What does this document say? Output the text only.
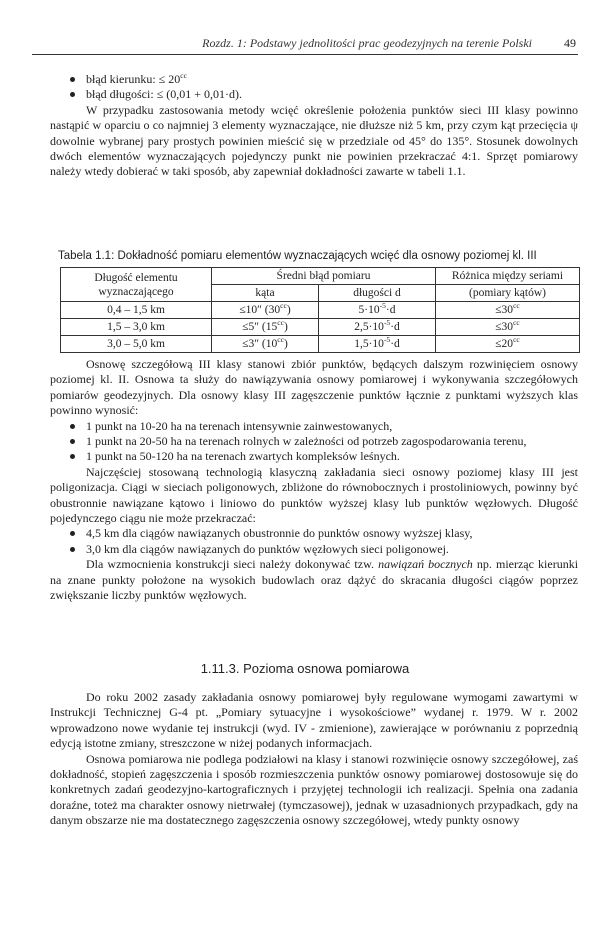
Rozdz. 1: Podstawy jednolitości prac geodezyjnych na terenie Polski	49
błąd kierunku: ≤ $20^{cc}$
błąd długości: ≤ (0,01 + 0,01·d).

W przypadku zastosowania metody wcięć określenie położenia punktów sieci III klasy powinno nastąpić w oparciu o co najmniej 3 elementy wyznaczające, nie dłuższe niż 5 km, przy czym kąt przecięcia ψ dowolnie wybranej pary prostych powinien mieścić się w przedziale od 45° do 135°. Stosunek dowolnych dwóch elementów wyznaczających pojedynczy punkt nie powinien przekraczać 4:1. Sprzęt pomiarowy należy wtedy dobierać w taki sposób, aby zapewniał dokładności zawarte w tabeli 1.1.

Tabela 1.1: Dokładność pomiaru elementów wyznaczających wcięć dla osnowy poziomej kl. III
Długość elementu wyznaczającego	Średni błąd pomiaru		Różnica między seriami
	kąta	długości d	(pomiary kątów)
0,4 – 1,5 km	≤10″ $(30^{cc})$	$5\cdot 10^{-5}\cdot d$	$\le 30^{cc}$
1,5 – 3,0 km	≤5″ $(15^{cc})$	$2,5\cdot 10^{-5}\cdot d$	$\le 30^{cc}$
3,0 – 5,0 km	≤3″ $(10^{cc})$	$1,5\cdot 10^{-5}\cdot d$	$\le 20^{cc}$

Osnowę szczegółową III klasy stanowi zbiór punktów, będących dalszym rozwinięciem osnowy poziomej kl. II. Osnowa ta służy do nawiązywania osnowy pomiarowej i wykonywania szczegółowych pomiarów geodezyjnych. Dla osnowy klasy III zagęszczenie punktów łącznie z punktami wyższych klas powinno wynosić:

1 punkt na 10-20 ha na terenach intensywnie zainwestowanych,
1 punkt na 20-50 ha na terenach rolnych w zależności od potrzeb zagospodarowania terenu,
1 punkt na 50-120 ha na terenach zwartych kompleksów leśnych.

Najczęściej stosowaną technologią klasyczną zakładania sieci osnowy poziomej klasy III jest poligonizacja. Ciągi w sieciach poligonowych, zbliżone do równobocznych i prostoliniowych, powinny być obustronnie nawiązane kątowo i liniowo do punktów wyższej klasy lub punktów węzłowych. Długość pojedynczego ciągu nie może przekraczać:

4,5 km dla ciągów nawiązanych obustronnie do punktów osnowy wyższej klasy,
3,0 km dla ciągów nawiązanych do punktów węzłowych sieci poligonowej.

Dla wzmocnienia konstrukcji sieci należy dokonywać tzw. nawiązań bocznych np. mierząc kierunki na znane punkty położone na wysokich budowlach oraz dążyć do skracania długości ciągów poprzez zwiększanie liczby punktów węzłowych.

1.11.3. Pozioma osnowa pomiarowa

Do roku 2002 zasady zakładania osnowy pomiarowej były regulowane wymogami zawartymi w Instrukcji Technicznej G-4 pt. „Pomiary sytuacyjne i wysokościowe” wydanej r. 1979. W r. 2002 wprowadzono nowe wydanie tej instrukcji (wyd. IV - zmienione), zawierające w porównaniu z poprzednią edycją istotne zmiany, streszczone w niżej podanych informacjach.

Osnowa pomiarowa nie podlega podziałowi na klasy i stanowi rozwinięcie osnowy szczegółowej, zaś dokładność, stopień zagęszczenia i sposób rozmieszczenia punktów osnowy pomiarowej dostosowuje się do konkretnych zadań geodezyjno-kartograficznych i przyjętej technologii ich realizacji. Spełnia ona zadania doraźne, toteż ma charakter osnowy nietrwałej (tymczasowej), jednak w uzasadnionych przypadkach, gdy na danym obszarze nie ma dostatecznego zagęszczenia osnowy szczegółowej, wtedy punkty osnowy
